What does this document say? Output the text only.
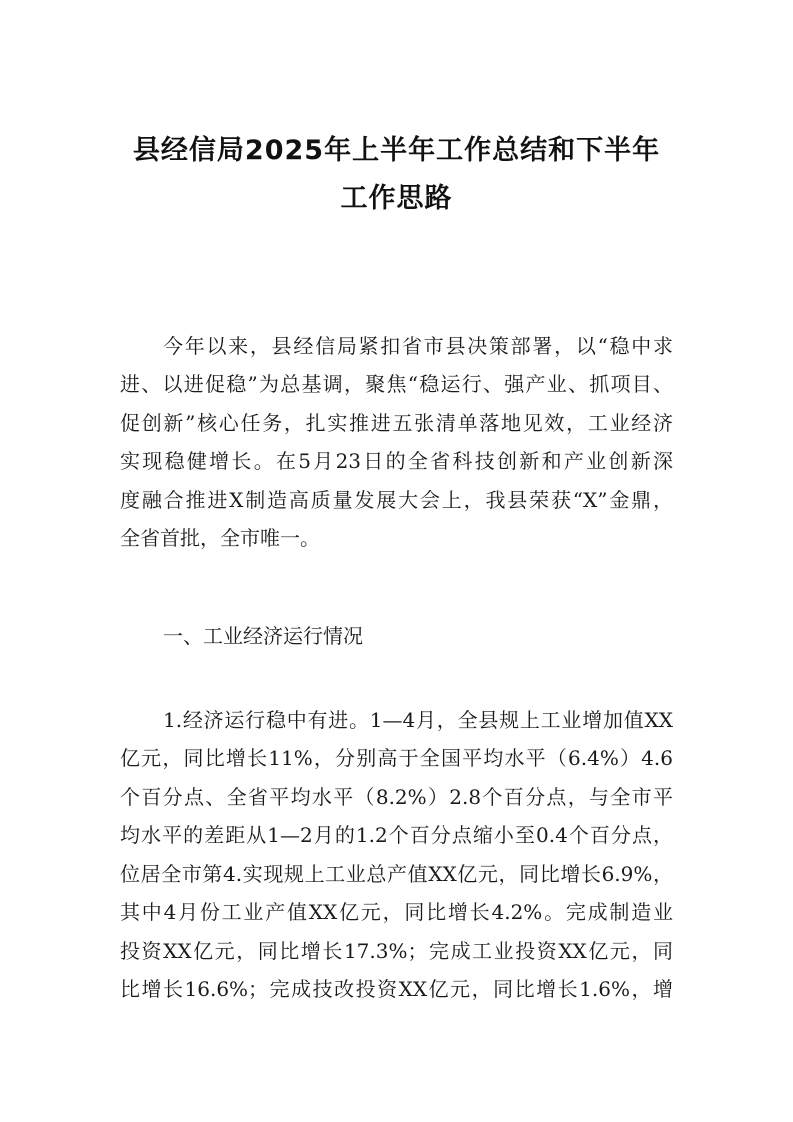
县经信局2025年上半年工作总结和下半年
工作思路
今年以来，县经信局紧扣省市县决策部署，以“稳中求
进、以进促稳”为总基调，聚焦“稳运行、强产业、抓项目、
促创新”核心任务，扎实推进五张清单落地见效，工业经济
实现稳健增长。在5月23日的全省科技创新和产业创新深
度融合推进X制造高质量发展大会上，我县荣获“X”金鼎，
全省首批，全市唯一。
一、工业经济运行情况
1.经济运行稳中有进。1—4月，全县规上工业增加值XX
亿元，同比增长11%，分别高于全国平均水平（6.4%）4.6
个百分点、全省平均水平（8.2%）2.8个百分点，与全市平
均水平的差距从1—2月的1.2个百分点缩小至0.4个百分点，
位居全市第4.实现规上工业总产值XX亿元，同比增长6.9%，
其中4月份工业产值XX亿元，同比增长4.2%。完成制造业
投资XX亿元，同比增长17.3%；完成工业投资XX亿元，同
比增长16.6%；完成技改投资XX亿元，同比增长1.6%，增
